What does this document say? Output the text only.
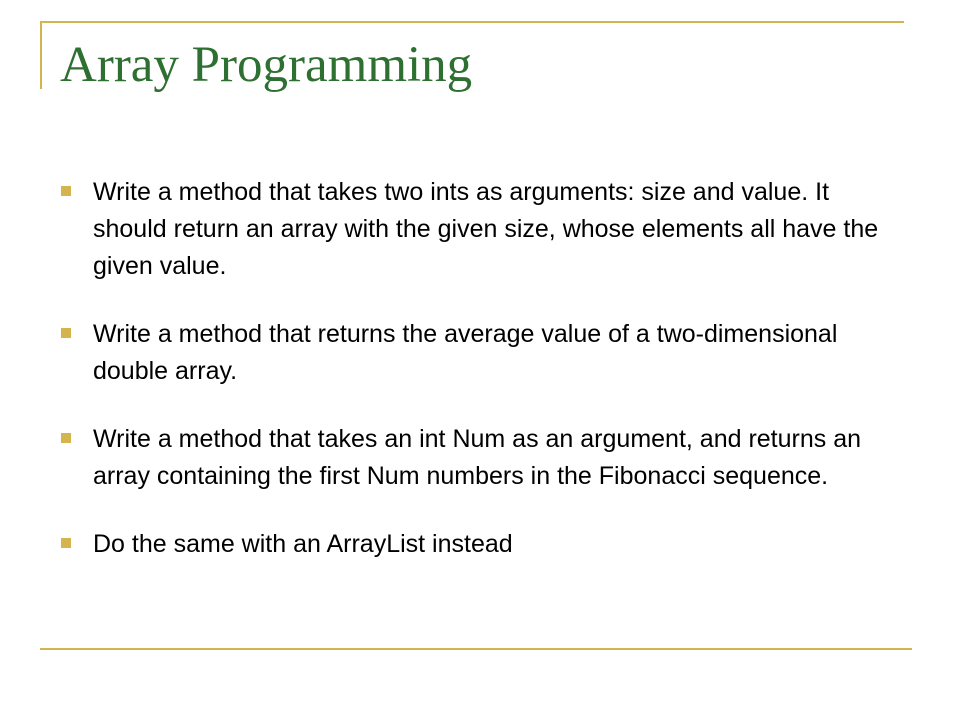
Array Programming
Write a method that takes two ints as arguments: size and value. It should return an array with the given size, whose elements all have the given value.
Write a method that returns the average value of a two-dimensional double array.
Write a method that takes an int Num as an argument, and returns an array containing the first Num numbers in the Fibonacci sequence.
Do the same with an ArrayList instead
